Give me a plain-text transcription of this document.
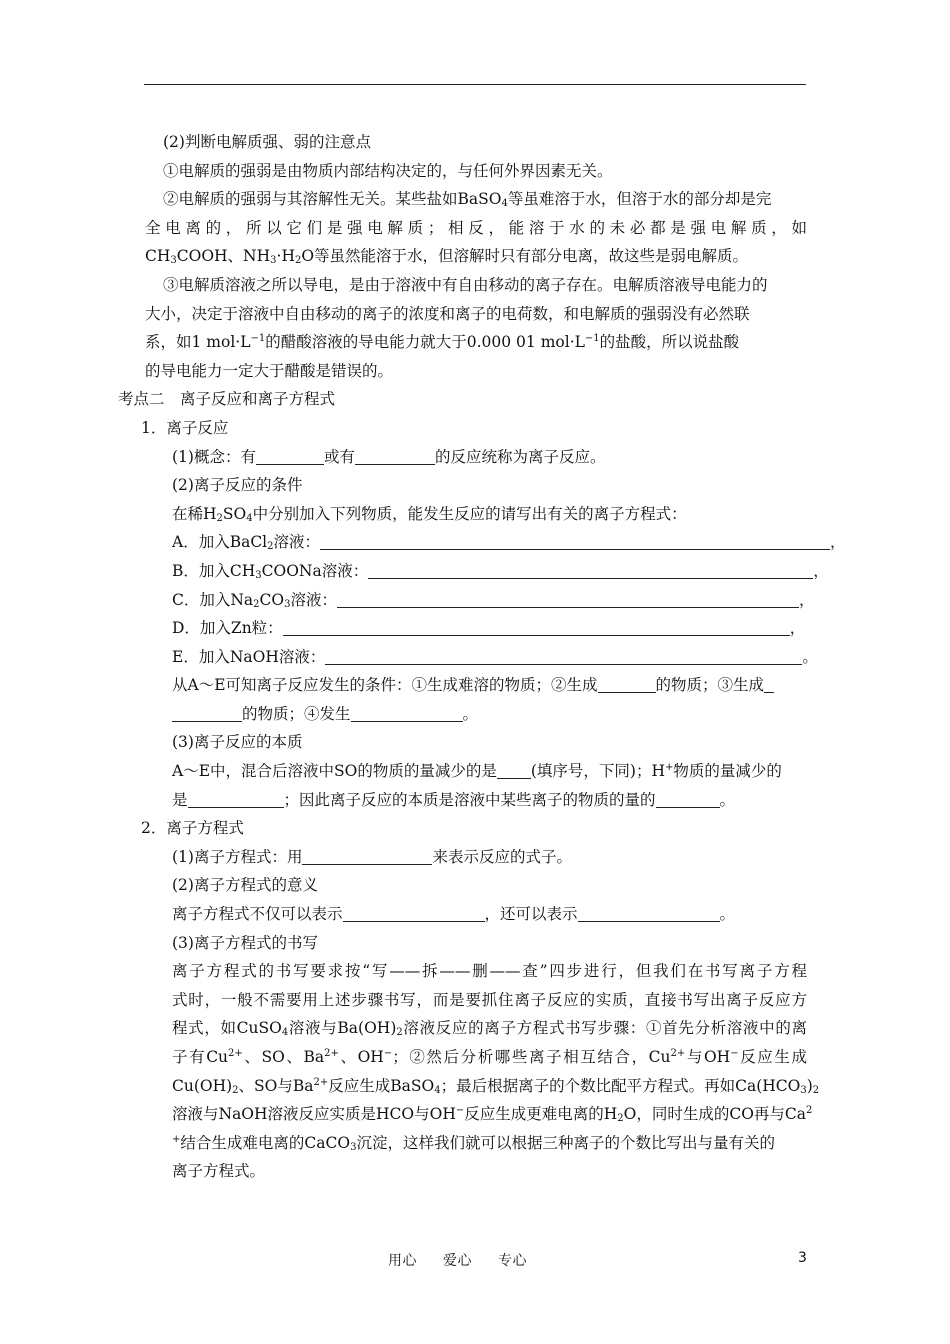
(2)判断电解质强、弱的注意点
①电解质的强弱是由物质内部结构决定的，与任何外界因素无关。
②电解质的强弱与其溶解性无关。某些盐如BaSO$_4$等虽难溶于水，但溶于水的部分却是完
全电离的，所以它们是强电解质；相反，能溶于水的未必都是强电解质，如
$CH_3COOH$、$NH_3\cdot H_2O$等虽然能溶于水，但溶解时只有部分电离，故这些是弱电解质。
③电解质溶液之所以导电，是由于溶液中有自由移动的离子存在。电解质溶液导电能力的
大小，决定于溶液中自由移动的离子的浓度和离子的电荷数，和电解质的强弱没有必然联
系，如1 $mol\cdot L^{-1}$的醋酸溶液的导电能力就大于0.000 01 $mol\cdot L^{-1}$的盐酸，所以说盐酸
的导电能力一定大于醋酸是错误的。
考点二　离子反应和离子方程式
1．离子反应
(1)概念：有	或有	的反应统称为离子反应。
(2)离子反应的条件
在稀$H_2SO_4$中分别加入下列物质，能发生反应的请写出有关的离子方程式：
A．加入BaCl$_2$溶液：	，
B．加入$CH_3COONa$溶液：	，
C．加入$Na_2CO_3$溶液：	，
D．加入Zn粒：	，
E．加入NaOH溶液：	。
从A～E可知离子反应发生的条件：①生成难溶的物质；②生成	的物质；③生成
的物质；④发生	。
(3)离子反应的本质
A～E中，混合后溶液中SO的物质的量减少的是 (填序号，下同)；H+物质的量减少的
是	；因此离子反应的本质是溶液中某些离子的物质的量的	。
2．离子方程式
(1)离子方程式：用	来表示反应的式子。
(2)离子方程式的意义
离子方程式不仅可以表示	，还可以表示	。
(3)离子方程式的书写
离子方程式的书写要求按“写——拆——删——查”四步进行，但我们在书写离子方程
式时，一般不需要用上述步骤书写，而是要抓住离子反应的实质，直接书写出离子反应方
程式，如CuSO$_4$溶液与$Ba(OH)_2$溶液反应的离子方程式书写步骤：①首先分析溶液中的离
子有$Cu^{2+}$、SO、$Ba^{2+}$、OH−；②然后分析哪些离子相互结合，$Cu^{2+}$与OH−反应生成
$Cu(OH)_2$、SO与$Ba^{2+}$反应生成BaSO$_4$；最后根据离子的个数比配平方程式。再如$Ca(HCO_3)_2$
溶液与NaOH溶液反应实质是HCO与OH−反应生成更难电离的$H_2O$，同时生成的CO再与Ca$^2$
+结合生成难电离的CaCO$_3$沉淀，这样我们就可以根据三种离子的个数比写出与量有关的
离子方程式。
用心 爱心 专心	3
